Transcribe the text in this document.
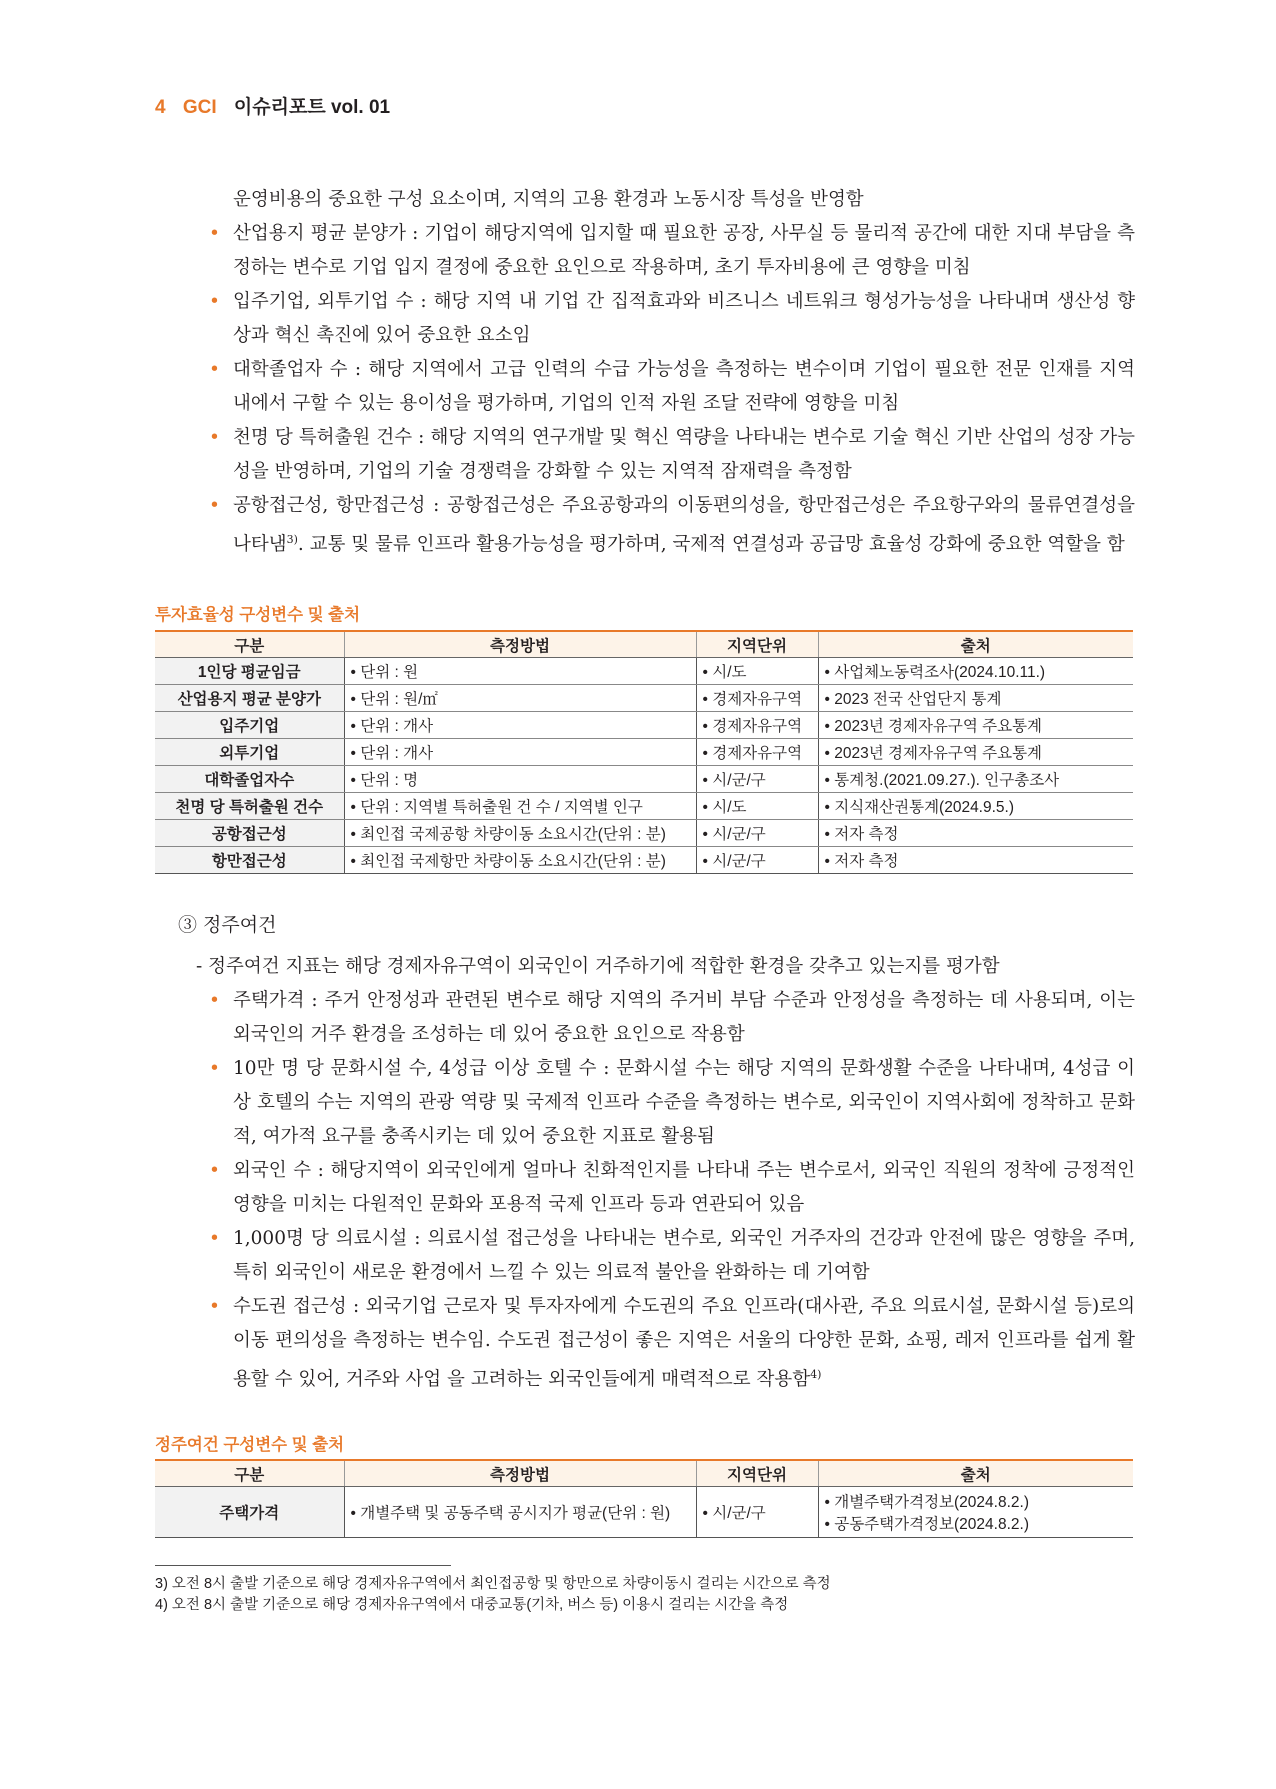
4 GCI 이슈리포트 vol. 01
운영비용의 중요한 구성 요소이며, 지역의 고용 환경과 노동시장 특성을 반영함
• 산업용지 평균 분양가 : 기업이 해당지역에 입지할 때 필요한 공장, 사무실 등 물리적 공간에 대한 지대 부담을 측정하는 변수로 기업 입지 결정에 중요한 요인으로 작용하며, 초기 투자비용에 큰 영향을 미침
• 입주기업, 외투기업 수 : 해당 지역 내 기업 간 집적효과와 비즈니스 네트워크 형성가능성을 나타내며 생산성 향상과 혁신 촉진에 있어 중요한 요소임
• 대학졸업자 수 : 해당 지역에서 고급 인력의 수급 가능성을 측정하는 변수이며 기업이 필요한 전문 인재를 지역 내에서 구할 수 있는 용이성을 평가하며, 기업의 인적 자원 조달 전략에 영향을 미침
• 천명 당 특허출원 건수 : 해당 지역의 연구개발 및 혁신 역량을 나타내는 변수로 기술 혁신 기반 산업의 성장 가능성을 반영하며, 기업의 기술 경쟁력을 강화할 수 있는 지역적 잠재력을 측정함
• 공항접근성, 항만접근성 : 공항접근성은 주요공항과의 이동편의성을, 항만접근성은 주요항구와의 물류연결성을 나타냄$^{3)}$. 교통 및 물류 인프라 활용가능성을 평가하며, 국제적 연결성과 공급망 효율성 강화에 중요한 역할을 함
투자효율성 구성변수 및 출처
구분	측정방법	지역단위	출처
1인당 평균임금	• 단위 : 원	• 시/도	• 사업체노동력조사(2024.10.11.)
산업용지 평균 분양가	• 단위 : 원/㎡	• 경제자유구역	• 2023 전국 산업단지 통계
입주기업	• 단위 : 개사	• 경제자유구역	• 2023년 경제자유구역 주요통계
외투기업	• 단위 : 개사	• 경제자유구역	• 2023년 경제자유구역 주요통계
대학졸업자수	• 단위 : 명	• 시/군/구	• 통계청.(2021.09.27.). 인구총조사
천명 당 특허출원 건수	• 단위 : 지역별 특허출원 건 수 / 지역별 인구	• 시/도	• 지식재산권통계(2024.9.5.)
공항접근성	• 최인접 국제공항 차량이동 소요시간(단위 : 분)	• 시/군/구	• 저자 측정
항만접근성	• 최인접 국제항만 차량이동 소요시간(단위 : 분)	• 시/군/구	• 저자 측정
③ 정주여건
- 정주여건 지표는 해당 경제자유구역이 외국인이 거주하기에 적합한 환경을 갖추고 있는지를 평가함
• 주택가격 : 주거 안정성과 관련된 변수로 해당 지역의 주거비 부담 수준과 안정성을 측정하는 데 사용되며, 이는 외국인의 거주 환경을 조성하는 데 있어 중요한 요인으로 작용함
• 10만 명 당 문화시설 수, 4성급 이상 호텔 수 : 문화시설 수는 해당 지역의 문화생활 수준을 나타내며, 4성급 이상 호텔의 수는 지역의 관광 역량 및 국제적 인프라 수준을 측정하는 변수로, 외국인이 지역사회에 정착하고 문화적, 여가적 요구를 충족시키는 데 있어 중요한 지표로 활용됨
• 외국인 수 : 해당지역이 외국인에게 얼마나 친화적인지를 나타내 주는 변수로서, 외국인 직원의 정착에 긍정적인 영향을 미치는 다원적인 문화와 포용적 국제 인프라 등과 연관되어 있음
• 1,000명 당 의료시설 : 의료시설 접근성을 나타내는 변수로, 외국인 거주자의 건강과 안전에 많은 영향을 주며, 특히 외국인이 새로운 환경에서 느낄 수 있는 의료적 불안을 완화하는 데 기여함
• 수도권 접근성 : 외국기업 근로자 및 투자자에게 수도권의 주요 인프라(대사관, 주요 의료시설, 문화시설 등)로의 이동 편의성을 측정하는 변수임. 수도권 접근성이 좋은 지역은 서울의 다양한 문화, 쇼핑, 레저 인프라를 쉽게 활용할 수 있어, 거주와 사업 을 고려하는 외국인들에게 매력적으로 작용함$^{4)}$
정주여건 구성변수 및 출처
구분	측정방법	지역단위	출처
주택가격	• 개별주택 및 공동주택 공시지가 평균(단위 : 원)	• 시/군/구	• 개별주택가격정보(2024.8.2.)
• 공동주택가격정보(2024.8.2.)
3) 오전 8시 출발 기준으로 해당 경제자유구역에서 최인접공항 및 항만으로 차량이동시 걸리는 시간으로 측정
4) 오전 8시 출발 기준으로 해당 경제자유구역에서 대중교통(기차, 버스 등) 이용시 걸리는 시간을 측정
